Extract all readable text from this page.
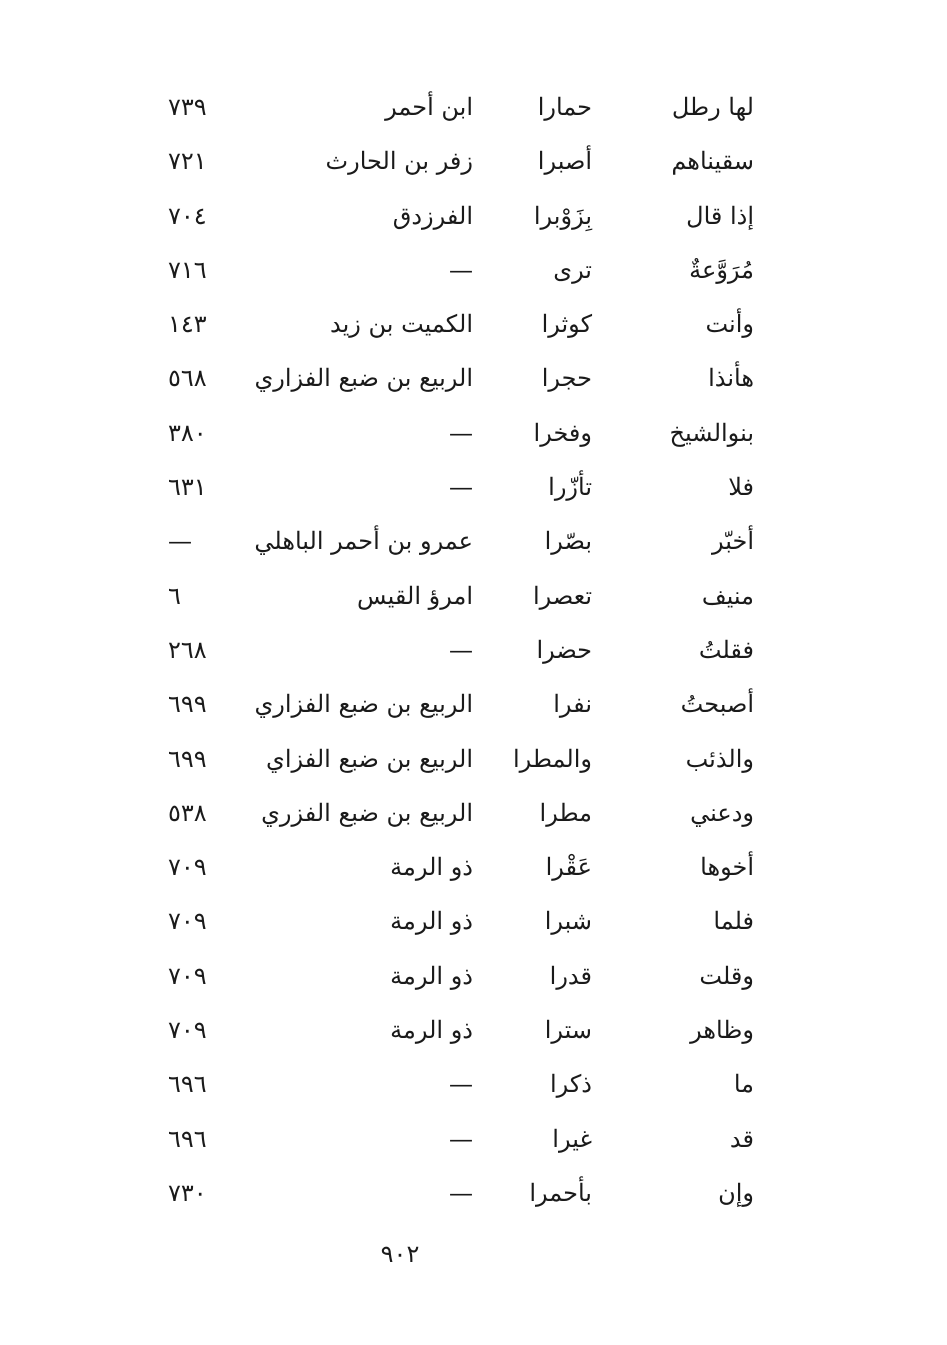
لها رطل
حمارا
ابن أحمر
٧٣٩
سقيناهم
أصبرا
زفر بن الحارث
٧٢١
إذا قال
بِزَوْبرا
الفرزدق
٧٠٤
مُرَوَّعةٌ
ترى
—
٧١٦
وأنت
كوثرا
الكميت بن زيد
١٤٣
هأنذا
حجرا
الربيع بن ضبع الفزاري
٥٦٨
بنوالشيخ
وفخرا
—
٣٨٠
فلا
تأزّرا
—
٦٣١
أخبّر
بصّرا
عمرو بن أحمر الباهلي
—
منيف
تعصرا
امرؤ القيس
٦
فقلتُ
حضرا
—
٢٦٨
أصبحتُ
نفرا
الربيع بن ضبع الفزاري
٦٩٩
والذئب
والمطرا
الربيع بن ضبع الفزاي
٦٩٩
ودعني
مطرا
الربيع بن ضبع الفزري
٥٣٨
أخوها
عَقْرا
ذو الرمة
٧٠٩
فلما
شبرا
ذو الرمة
٧٠٩
وقلت
قدرا
ذو الرمة
٧٠٩
وظاهر
سترا
ذو الرمة
٧٠٩
ما
ذكرا
—
٦٩٦
قد
غيرا
—
٦٩٦
وإن
بأحمرا
—
٧٣٠
٩٠٢
